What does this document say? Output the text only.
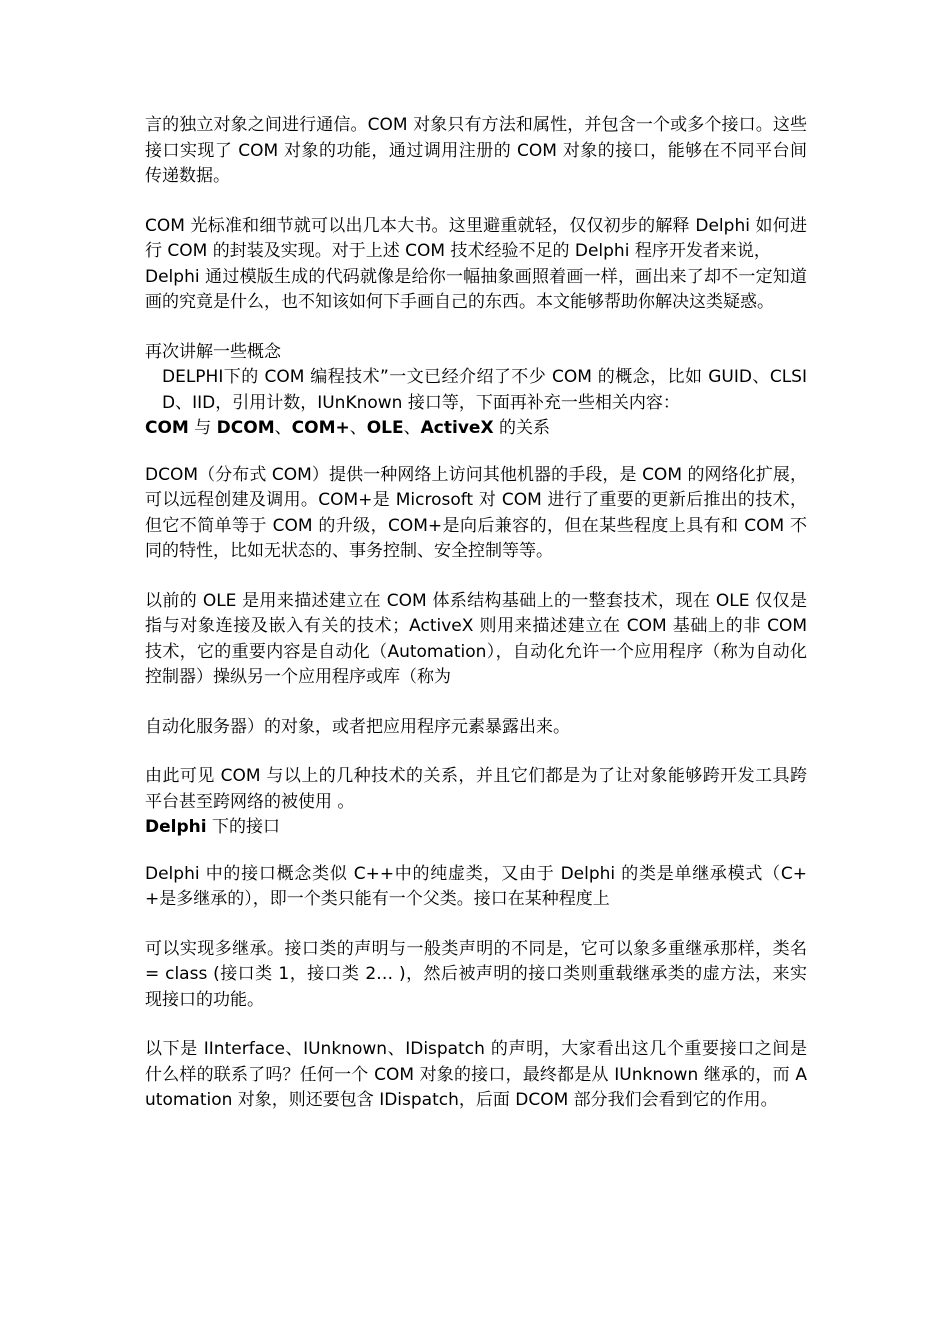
言的独立对象之间进行通信。COM 对象只有方法和属性，并包含一个或多个接口。这些接口实现了 COM 对象的功能，通过调用注册的 COM 对象的接口，能够在不同平台间传递数据。

COM 光标准和细节就可以出几本大书。这里避重就轻，仅仅初步的解释 Delphi 如何进行 COM 的封装及实现。对于上述 COM 技术经验不足的 Delphi 程序开发者来说，

Delphi 通过模版生成的代码就像是给你一幅抽象画照着画一样，画出来了却不一定知道画的究竟是什么，也不知该如何下手画自己的东西。本文能够帮助你解决这类疑惑。

再次讲解一些概念

DELPHI下的 COM 编程技术”一文已经介绍了不少 COM 的概念，比如 GUID、CLSID、IID，引用计数，IUnKnown 接口等，下面再补充一些相关内容：

COM 与 DCOM、COM+、OLE、ActiveX 的关系

DCOM（分布式 COM）提供一种网络上访问其他机器的手段，是 COM 的网络化扩展，可以远程创建及调用。COM+是 Microsoft 对 COM 进行了重要的更新后推出的技术，但它不简单等于 COM 的升级，COM+是向后兼容的，但在某些程度上具有和 COM 不同的特性，比如无状态的、事务控制、安全控制等等。

以前的 OLE 是用来描述建立在 COM 体系结构基础上的一整套技术，现在 OLE 仅仅是指与对象连接及嵌入有关的技术；ActiveX 则用来描述建立在 COM 基础上的非 COM 技术，它的重要内容是自动化（Automation），自动化允许一个应用程序（称为自动化控制器）操纵另一个应用程序或库（称为

自动化服务器）的对象，或者把应用程序元素暴露出来。

由此可见 COM 与以上的几种技术的关系，并且它们都是为了让对象能够跨开发工具跨平台甚至跨网络的被使用 。

Delphi 下的接口

Delphi 中的接口概念类似 C++中的纯虚类，又由于 Delphi 的类是单继承模式（C++是多继承的），即一个类只能有一个父类。接口在某种程度上

可以实现多继承。接口类的声明与一般类声明的不同是，它可以象多重继承那样，类名 = class (接口类 1，接口类 2… )，然后被声明的接口类则重载继承类的虚方法，来实现接口的功能。

以下是 IInterface、IUnknown、IDispatch 的声明，大家看出这几个重要接口之间是什么样的联系了吗？任何一个 COM 对象的接口，最终都是从 IUnknown 继承的，而 Automation 对象，则还要包含 IDispatch，后面 DCOM 部分我们会看到它的作用。
